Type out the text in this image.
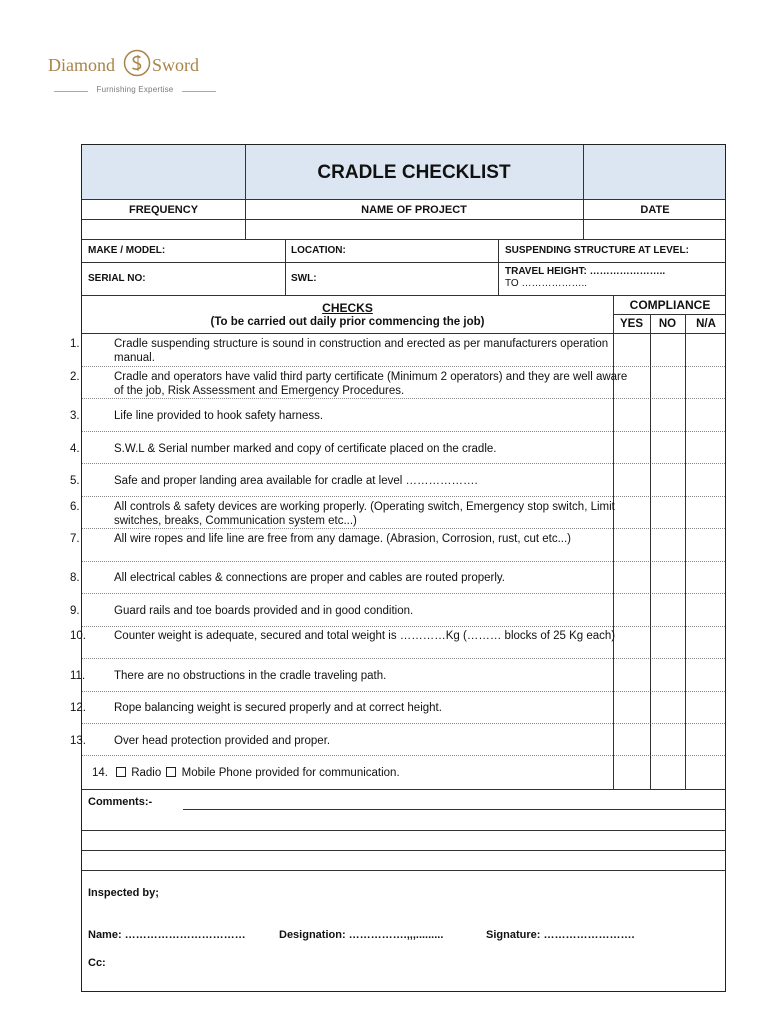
Diamond Sword
Furnishing Expertise
CRADLE CHECKLIST
FREQUENCY	NAME OF PROJECT	DATE
MAKE / MODEL:	LOCATION:	SUSPENDING STRUCTURE AT LEVEL:
SERIAL NO:	SWL:
TRAVEL HEIGHT: …………………..
TO ………………..
CHECKS
(To be carried out daily prior commencing the job)
COMPLIANCE
YES	NO	N/A
1.	Cradle suspending structure is sound in construction and erected as per manufacturers operation manual.
2.	Cradle and operators have valid third party certificate (Minimum 2 operators) and they are well aware of the job, Risk Assessment and Emergency Procedures.
3.	Life line provided to hook safety harness.
4.	S.W.L & Serial number marked and copy of certificate placed on the cradle.
5.	Safe and proper landing area available for cradle at level ……………….
6.	All controls & safety devices are working properly. (Operating switch, Emergency stop switch, Limit switches, breaks, Communication system etc...)
7.	All wire ropes and life line are free from any damage. (Abrasion, Corrosion, rust, cut etc...)
8.	All electrical cables & connections are proper and cables are routed properly.
9.	Guard rails and toe boards provided and in good condition.
10. Counter weight is adequate, secured and total weight is …………Kg (……… blocks of 25 Kg each)
11.	There are no obstructions in the cradle traveling path.
12. Rope balancing weight is secured properly and at correct height.
13. Over head protection provided and proper.
14. Radio Mobile Phone provided for communication.
Comments:-
Inspected by;
Name: ……………………………	Designation: …………….,,,.........	Signature: …………………….
Cc:
